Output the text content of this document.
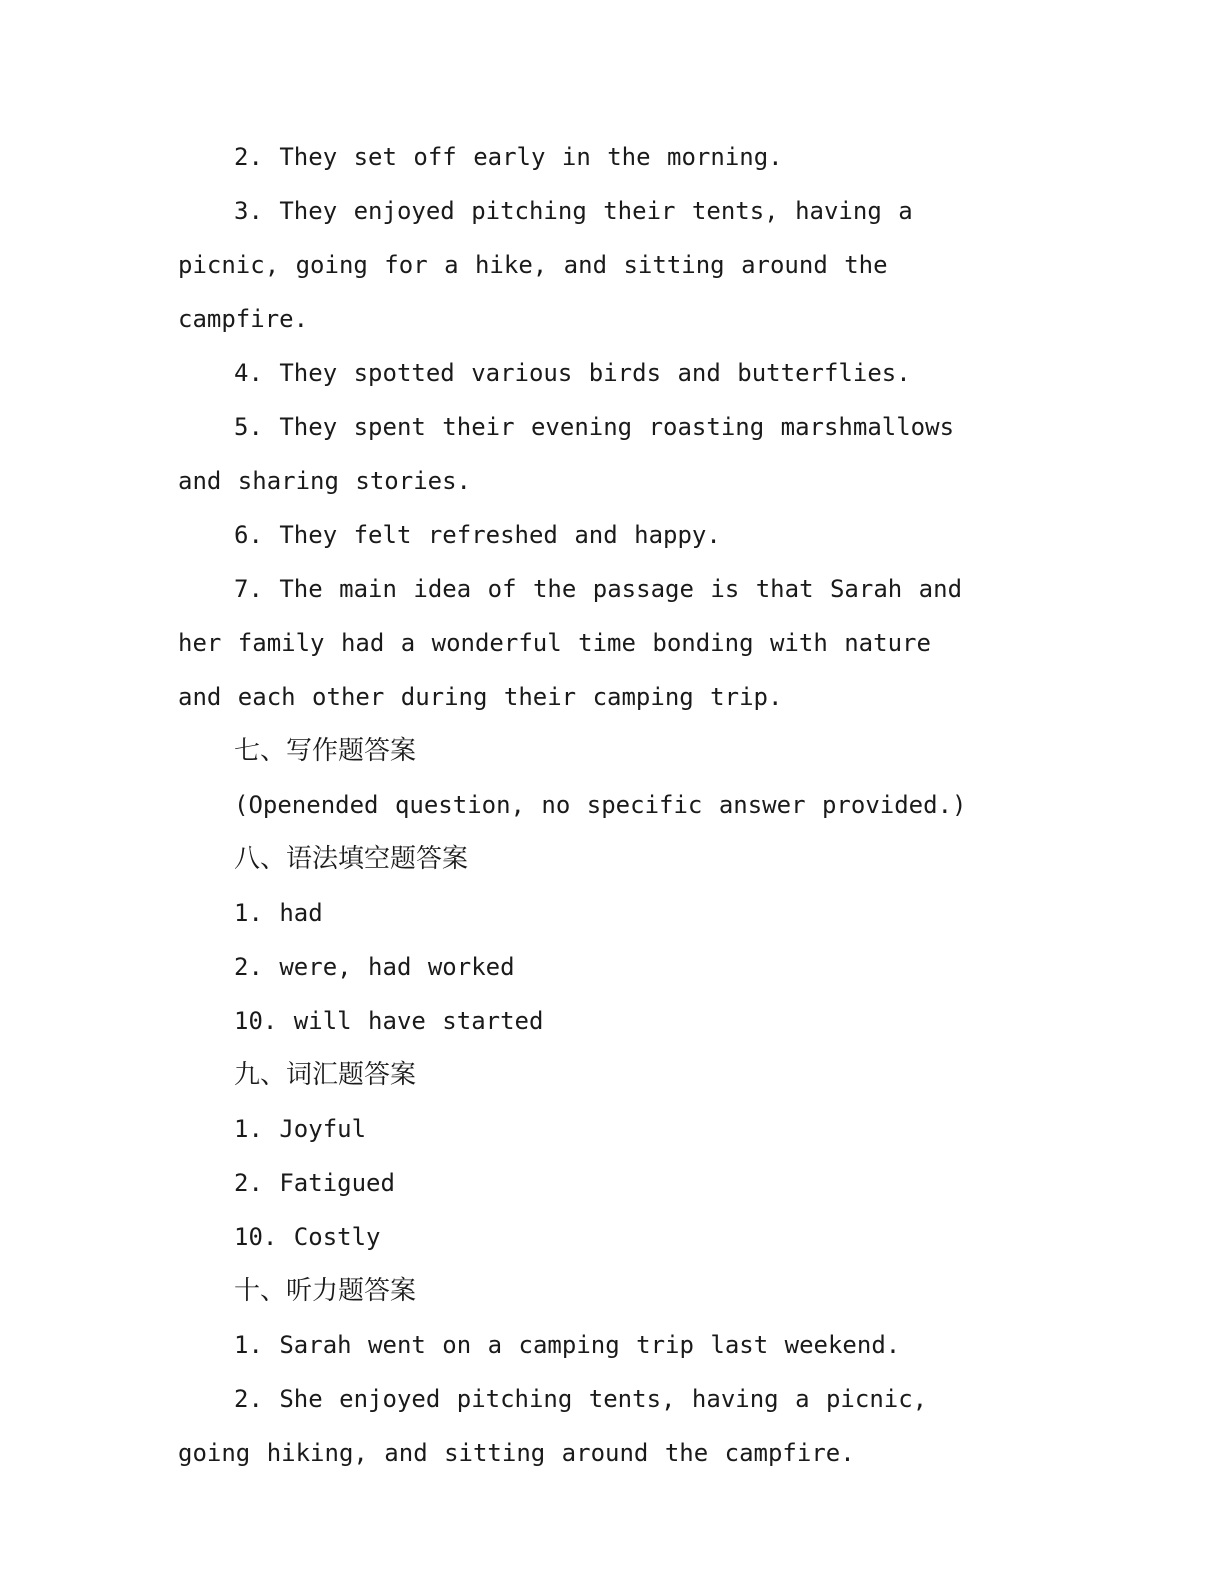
2. They set off early in the morning.

3. They enjoyed pitching their tents, having a picnic, going for a hike, and sitting around the campfire.

4. They spotted various birds and butterflies.

5. They spent their evening roasting marshmallows and sharing stories.

6. They felt refreshed and happy.

7. The main idea of the passage is that Sarah and her family had a wonderful time bonding with nature and each other during their camping trip.

七、写作题答案

(Openended question, no specific answer provided.)

八、语法填空题答案

1. had

2. were, had worked

10. will have started

九、词汇题答案

1. Joyful

2. Fatigued

10. Costly

十、听力题答案

1. Sarah went on a camping trip last weekend.

2. She enjoyed pitching tents, having a picnic, going hiking, and sitting around the campfire.
